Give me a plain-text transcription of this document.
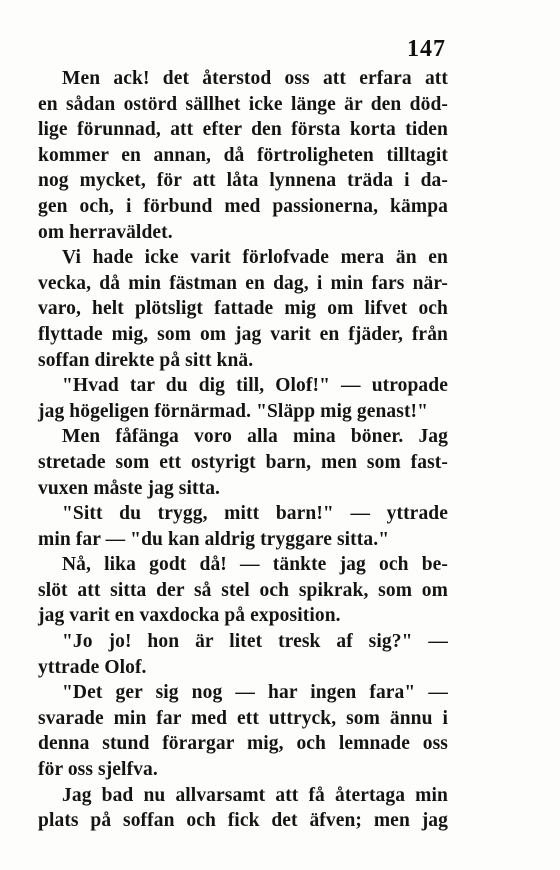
147
Men ack! det återstod oss att erfara att
en sådan ostörd sällhet icke länge är den död-
lige förunnad, att efter den första korta tiden
kommer en annan, då förtroligheten tilltagit
nog mycket, för att låta lynnena träda i da-
gen och, i förbund med passionerna, kämpa
om herraväldet.
Vi hade icke varit förlofvade mera än en
vecka, då min fästman en dag, i min fars när-
varo, helt plötsligt fattade mig om lifvet och
flyttade mig, som om jag varit en fjäder, från
soffan direkte på sitt knä.
"Hvad tar du dig till, Olof!" — utropade
jag högeligen förnärmad. "Släpp mig genast!"
Men fåfänga voro alla mina böner. Jag
stretade som ett ostyrigt barn, men som fast-
vuxen måste jag sitta.
"Sitt du trygg, mitt barn!" — yttrade
min far — "du kan aldrig tryggare sitta."
Nå, lika godt då! — tänkte jag och be-
slöt att sitta der så stel och spikrak, som om
jag varit en vaxdocka på exposition.
"Jo jo! hon är litet tresk af sig?" —
yttrade Olof.
"Det ger sig nog — har ingen fara" —
svarade min far med ett uttryck, som ännu i
denna stund förargar mig, och lemnade oss
för oss sjelfva.
Jag bad nu allvarsamt att få återtaga min
plats på soffan och fick det äfven; men jag
